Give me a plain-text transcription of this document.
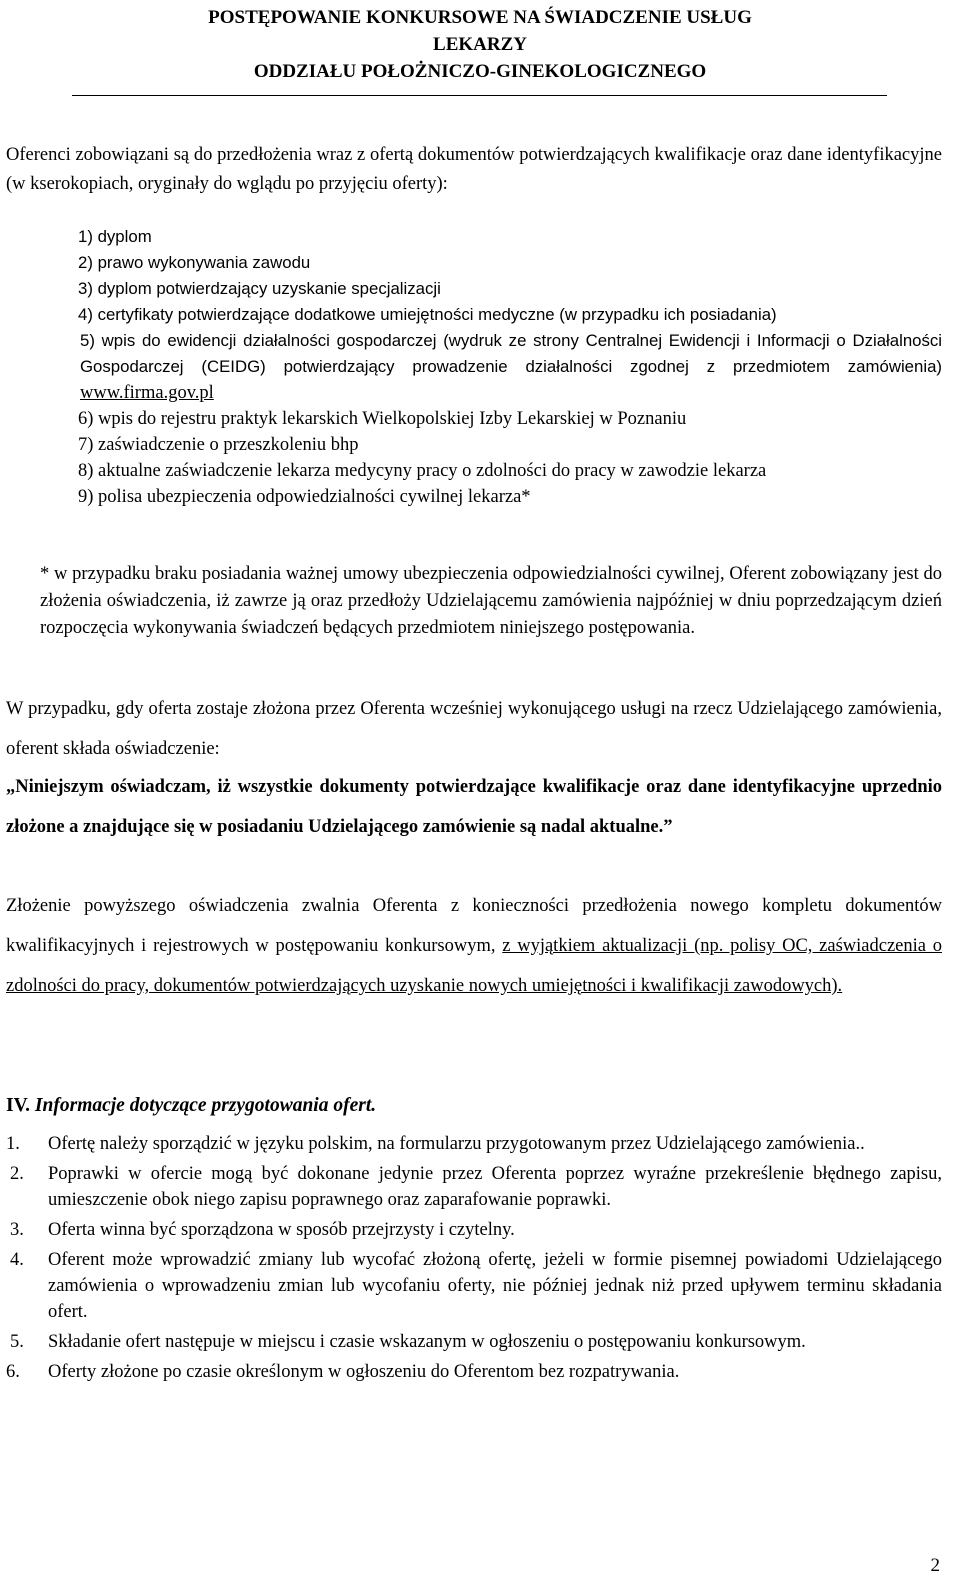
POSTĘPOWANIE KONKURSOWE NA ŚWIADCZENIE USŁUG
LEKARZY
ODDZIAŁU POŁOŻNICZO-GINEKOLOGICZNEGO
Oferenci zobowiązani są do przedłożenia wraz z ofertą dokumentów potwierdzających kwalifikacje oraz dane identyfikacyjne (w kserokopiach, oryginały do wglądu po przyjęciu oferty):
1) dyplom
2) prawo wykonywania zawodu
3) dyplom potwierdzający uzyskanie specjalizacji
4) certyfikaty potwierdzające dodatkowe umiejętności medyczne (w przypadku ich posiadania)
5) wpis do ewidencji działalności gospodarczej (wydruk ze strony Centralnej Ewidencji i Informacji o Działalności Gospodarczej (CEIDG) potwierdzający prowadzenie działalności zgodnej z przedmiotem zamówienia) www.firma.gov.pl
6) wpis do rejestru praktyk lekarskich Wielkopolskiej Izby Lekarskiej w Poznaniu
7) zaświadczenie o przeszkoleniu bhp
8) aktualne zaświadczenie lekarza medycyny pracy o zdolności do pracy w zawodzie lekarza
9) polisa ubezpieczenia odpowiedzialności cywilnej lekarza*
* w przypadku braku posiadania ważnej umowy ubezpieczenia odpowiedzialności cywilnej, Oferent zobowiązany jest do złożenia oświadczenia, iż zawrze ją oraz przedłoży Udzielającemu zamówienia najpóźniej w dniu poprzedzającym dzień rozpoczęcia wykonywania świadczeń będących przedmiotem niniejszego postępowania.
W przypadku, gdy oferta zostaje złożona przez Oferenta wcześniej wykonującego usługi na rzecz Udzielającego zamówienia, oferent składa oświadczenie:
„Niniejszym oświadczam, iż wszystkie dokumenty potwierdzające kwalifikacje oraz dane identyfikacyjne uprzednio złożone a znajdujące się w posiadaniu Udzielającego zamówienie są nadal aktualne.”
Złożenie powyższego oświadczenia zwalnia Oferenta z konieczności przedłożenia nowego kompletu dokumentów kwalifikacyjnych i rejestrowych w postępowaniu konkursowym, z wyjątkiem aktualizacji (np. polisy OC, zaświadczenia o zdolności do pracy, dokumentów potwierdzających uzyskanie nowych umiejętności i kwalifikacji zawodowych).
IV. Informacje dotyczące przygotowania ofert.
1. Ofertę należy sporządzić w języku polskim, na formularzu przygotowanym przez Udzielającego zamówienia..
2. Poprawki w ofercie mogą być dokonane jedynie przez Oferenta poprzez wyraźne przekreślenie błędnego zapisu, umieszczenie obok niego zapisu poprawnego oraz zaparafowanie poprawki.
3. Oferta winna być sporządzona w sposób przejrzysty i czytelny.
4. Oferent może wprowadzić zmiany lub wycofać złożoną ofertę, jeżeli w formie pisemnej powiadomi Udzielającego zamówienia o wprowadzeniu zmian lub wycofaniu oferty, nie później jednak niż przed upływem terminu składania ofert.
5. Składanie ofert następuje w miejscu i czasie wskazanym w ogłoszeniu o postępowaniu konkursowym.
6. Oferty złożone po czasie określonym w ogłoszeniu do Oferentom bez rozpatrywania.
2
